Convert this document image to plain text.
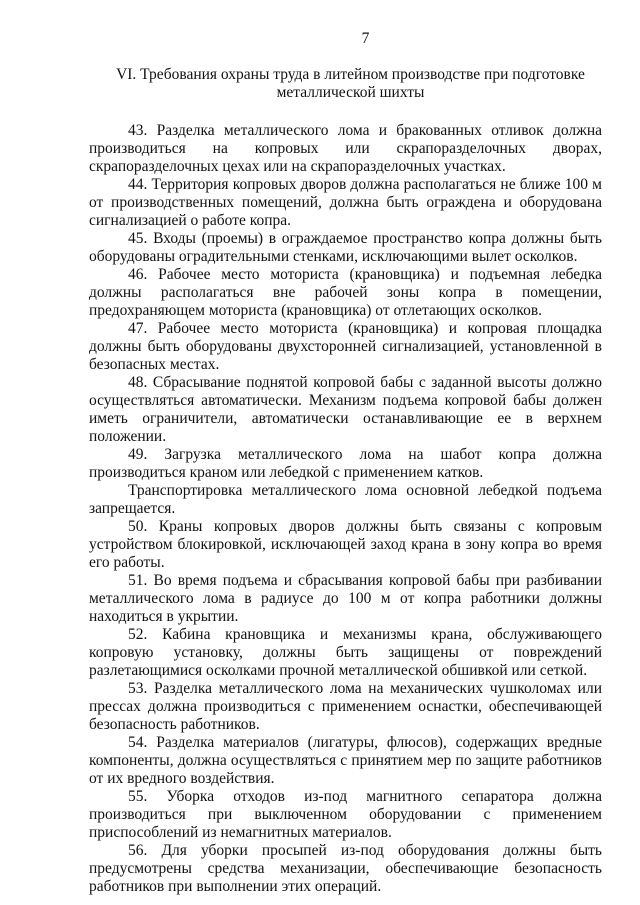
7
VI. Требования охраны труда в литейном производстве при подготовке
металлической шихты

43. Разделка металлического лома и бракованных отливок должна производиться на копровых или скрапоразделочных дворах, скрапоразделочных цехах или на скрапоразделочных участках.

44. Территория копровых дворов должна располагаться не ближе 100 м от производственных помещений, должна быть ограждена и оборудована сигнализацией о работе копра.

45. Входы (проемы) в ограждаемое пространство копра должны быть оборудованы оградительными стенками, исключающими вылет осколков.

46. Рабочее место моториста (крановщика) и подъемная лебедка должны располагаться вне рабочей зоны копра в помещении, предохраняющем моториста (крановщика) от отлетающих осколков.

47. Рабочее место моториста (крановщика) и копровая площадка должны быть оборудованы двухсторонней сигнализацией, установленной в безопасных местах.

48. Сбрасывание поднятой копровой бабы с заданной высоты должно осуществляться автоматически. Механизм подъема копровой бабы должен иметь ограничители, автоматически останавливающие ее в верхнем положении.

49. Загрузка металлического лома на шабот копра должна производиться краном или лебедкой с применением катков.

Транспортировка металлического лома основной лебедкой подъема запрещается.

50. Краны копровых дворов должны быть связаны с копровым устройством блокировкой, исключающей заход крана в зону копра во время его работы.

51. Во время подъема и сбрасывания копровой бабы при разбивании металлического лома в радиусе до 100 м от копра работники должны находиться в укрытии.

52. Кабина крановщика и механизмы крана, обслуживающего копровую установку, должны быть защищены от повреждений разлетающимися осколками прочной металлической обшивкой или сеткой.

53. Разделка металлического лома на механических чушколомах или прессах должна производиться с применением оснастки, обеспечивающей безопасность работников.

54. Разделка материалов (лигатуры, флюсов), содержащих вредные компоненты, должна осуществляться с принятием мер по защите работников от их вредного воздействия.

55. Уборка отходов из-под магнитного сепаратора должна производиться при выключенном оборудовании с применением приспособлений из немагнитных материалов.

56. Для уборки просыпей из-под оборудования должны быть предусмотрены средства механизации, обеспечивающие безопасность работников при выполнении этих операций.
